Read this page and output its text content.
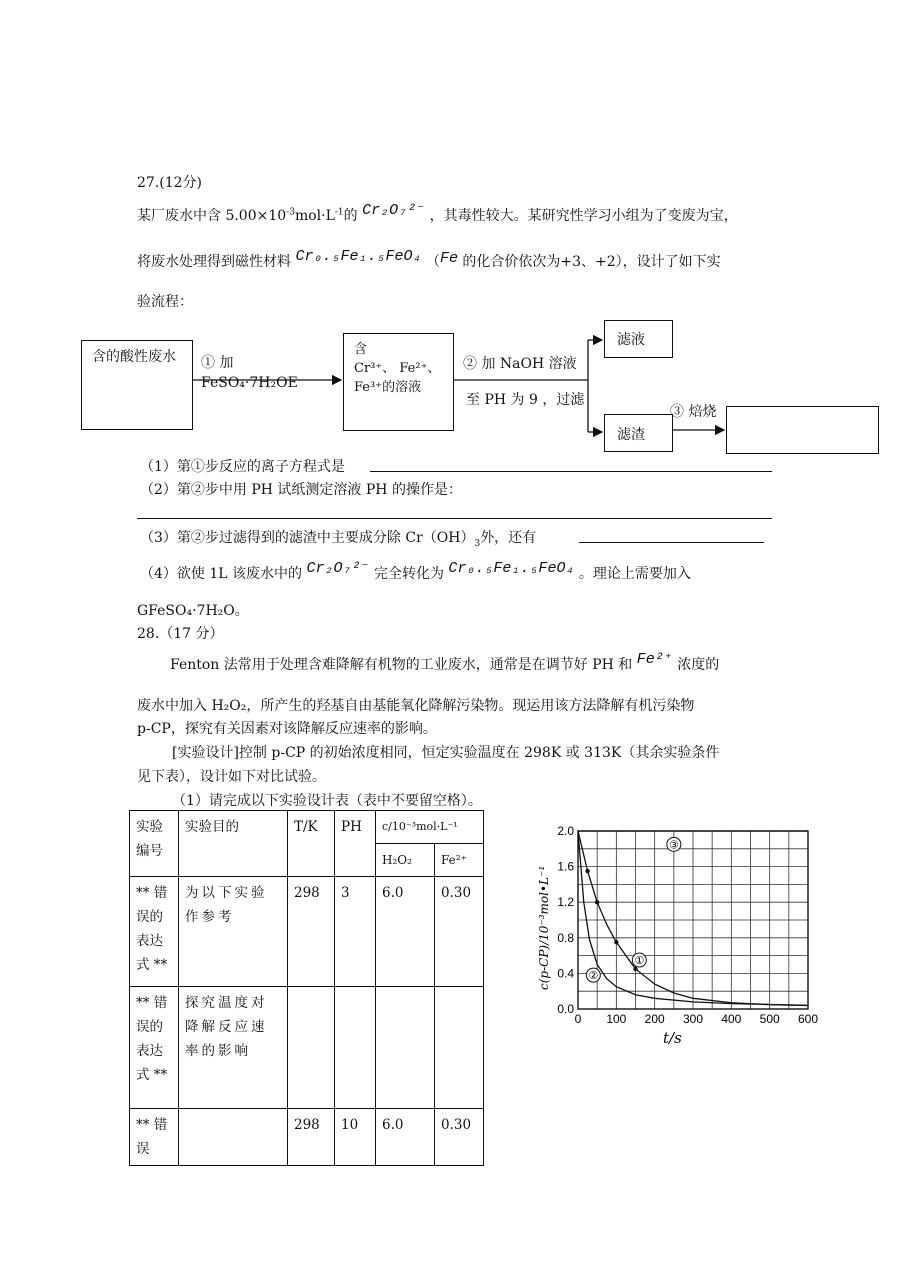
27.(12分)
某厂废水中含 $5.00\times 10^{-3}mol\cdot L^{-1}$的 Cr₂O₇²⁻ ，其毒性较大。某研究性学习小组为了变废为宝，
将废水处理得到磁性材料 Cr₀.₅Fe₁.₅FeO₄ （Fe 的化合价依次为+3、+2），设计了如下实
验流程：
含的酸性废水	① 加 FeSO₄·7H₂OE
含
Cr³⁺、 Fe²⁺、
Fe³⁺的溶液
② 加 NaOH 溶液
至 PH 为 9 ，过滤
滤液
滤渣
③ 焙烧
（1）第①步反应的离子方程式是
（2）第②步中用 PH 试纸测定溶液 PH 的操作是：
（3）第②步过滤得到的滤渣中主要成分除 $Cr(OH)_3$外，还有
（4）欲使 1L 该废水中的 Cr₂O₇²⁻ 完全转化为 Cr₀.₅Fe₁.₅FeO₄ 。理论上需要加入
GFeSO₄·7H₂O。
28.（17 分）
Fenton 法常用于处理含难降解有机物的工业废水，通常是在调节好 PH 和 Fe²⁺ 浓度的
废水中加入 H₂O₂，所产生的羟基自由基能氧化降解污染物。现运用该方法降解有机污染物
p-CP，探究有关因素对该降解反应速率的影响。
[实验设计]控制 p-CP 的初始浓度相同，恒定实验温度在 298K 或 313K（其余实验条件
见下表），设计如下对比试验。
（1）请完成以下实验设计表（表中不要留空格）。
实验编号	实验目的	T/K	PH	c/10⁻³mol·L⁻¹	
				H₂O₂	Fe²⁺
** 错误的表达式 **	为以下实验作参考	298	3	6.0	0.30
** 错误的表达式 **	探究温度对降解反应速率的影响				
** 错误		298	10	6.0	0.30
0 100 200 300 400 500 600
0.0
0.4
0.8
1.2
1.6
2.0
t/s
c(p-CP)/10⁻³mol•L⁻¹	①
②
③
